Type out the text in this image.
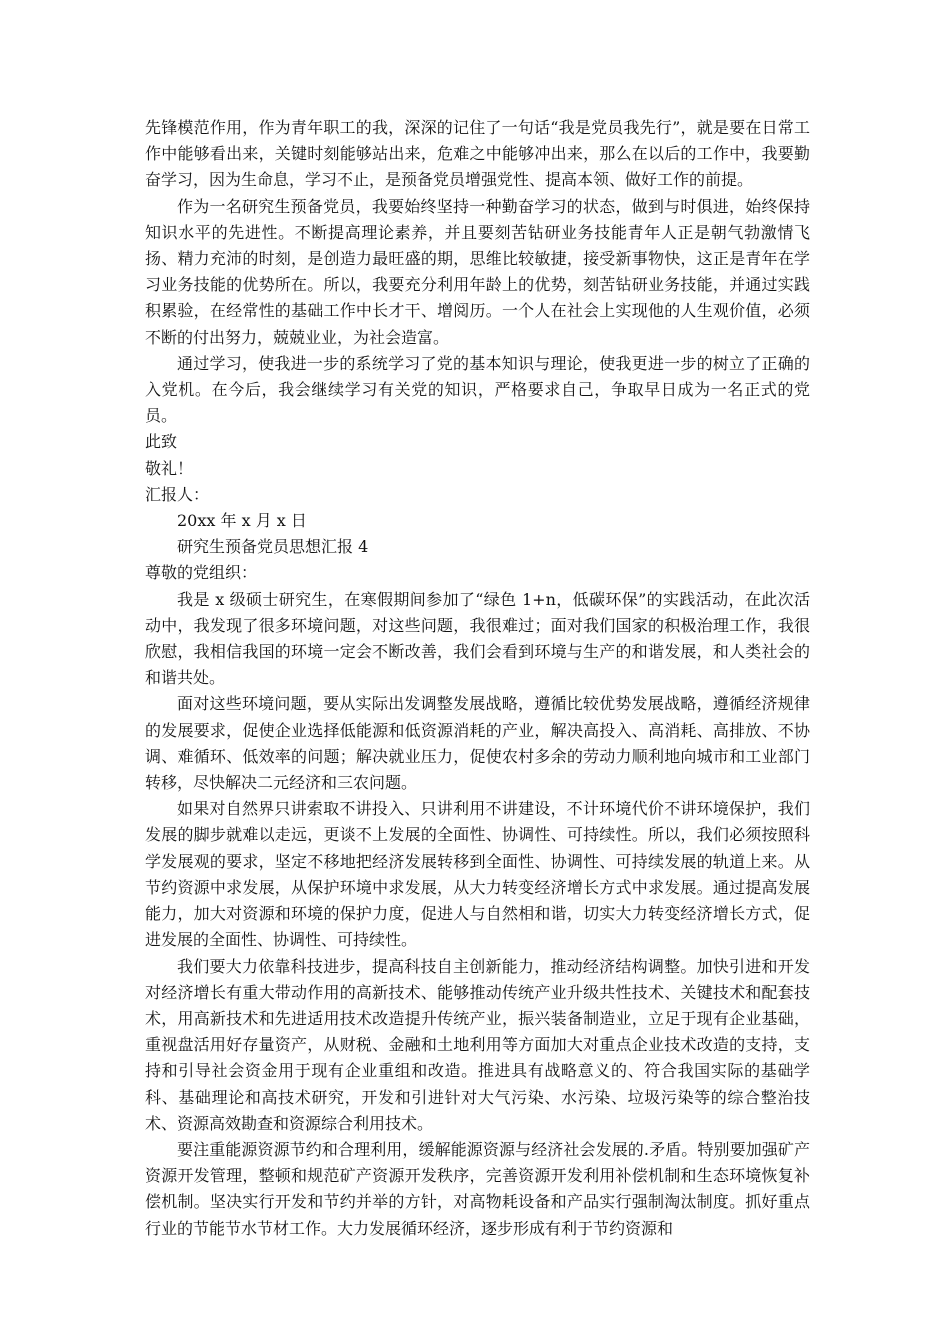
先锋模范作用，作为青年职工的我，深深的记住了一句话“我是党员我先行”，就是要在日常工作中能够看出来，关键时刻能够站出来，危难之中能够冲出来，那么在以后的工作中，我要勤奋学习，因为生命息，学习不止，是预备党员增强党性、提高本领、做好工作的前提。

作为一名研究生预备党员，我要始终坚持一种勤奋学习的状态，做到与时俱进，始终保持知识水平的先进性。不断提高理论素养，并且要刻苦钻研业务技能青年人正是朝气勃激情飞扬、精力充沛的时刻，是创造力最旺盛的期，思维比较敏捷，接受新事物快，这正是青年在学习业务技能的优势所在。所以，我要充分利用年龄上的优势，刻苦钻研业务技能，并通过实践积累验，在经常性的基础工作中长才干、增阅历。一个人在社会上实现他的人生观价值，必须不断的付出努力，兢兢业业，为社会造富。

通过学习，使我进一步的系统学习了党的基本知识与理论，使我更进一步的树立了正确的入党机。在今后，我会继续学习有关党的知识，严格要求自己，争取早日成为一名正式的党员。

此致

敬礼！

汇报人：

20xx 年 x 月 x 日

研究生预备党员思想汇报 4

尊敬的党组织：

我是 x 级硕士研究生，在寒假期间参加了“绿色 1+n，低碳环保”的实践活动，在此次活动中，我发现了很多环境问题，对这些问题，我很难过；面对我们国家的积极治理工作，我很欣慰，我相信我国的环境一定会不断改善，我们会看到环境与生产的和谐发展，和人类社会的和谐共处。

面对这些环境问题，要从实际出发调整发展战略，遵循比较优势发展战略，遵循经济规律的发展要求，促使企业选择低能源和低资源消耗的产业，解决高投入、高消耗、高排放、不协调、难循环、低效率的问题；解决就业压力，促使农村多余的劳动力顺利地向城市和工业部门转移，尽快解决二元经济和三农问题。

如果对自然界只讲索取不讲投入、只讲利用不讲建设，不计环境代价不讲环境保护，我们发展的脚步就难以走远，更谈不上发展的全面性、协调性、可持续性。所以，我们必须按照科学发展观的要求，坚定不移地把经济发展转移到全面性、协调性、可持续发展的轨道上来。从节约资源中求发展，从保护环境中求发展，从大力转变经济增长方式中求发展。通过提高发展能力，加大对资源和环境的保护力度，促进人与自然相和谐，切实大力转变经济增长方式，促进发展的全面性、协调性、可持续性。

我们要大力依靠科技进步，提高科技自主创新能力，推动经济结构调整。加快引进和开发对经济增长有重大带动作用的高新技术、能够推动传统产业升级共性技术、关键技术和配套技术，用高新技术和先进适用技术改造提升传统产业，振兴装备制造业，立足于现有企业基础，重视盘活用好存量资产，从财税、金融和土地利用等方面加大对重点企业技术改造的支持，支持和引导社会资金用于现有企业重组和改造。推进具有战略意义的、符合我国实际的基础学科、基础理论和高技术研究，开发和引进针对大气污染、水污染、垃圾污染等的综合整治技术、资源高效勘查和资源综合利用技术。

要注重能源资源节约和合理利用，缓解能源资源与经济社会发展的.矛盾。特别要加强矿产资源开发管理，整顿和规范矿产资源开发秩序，完善资源开发利用补偿机制和生态环境恢复补偿机制。坚决实行开发和节约并举的方针，对高物耗设备和产品实行强制淘汰制度。抓好重点行业的节能节水节材工作。大力发展循环经济，逐步形成有利于节约资源和
